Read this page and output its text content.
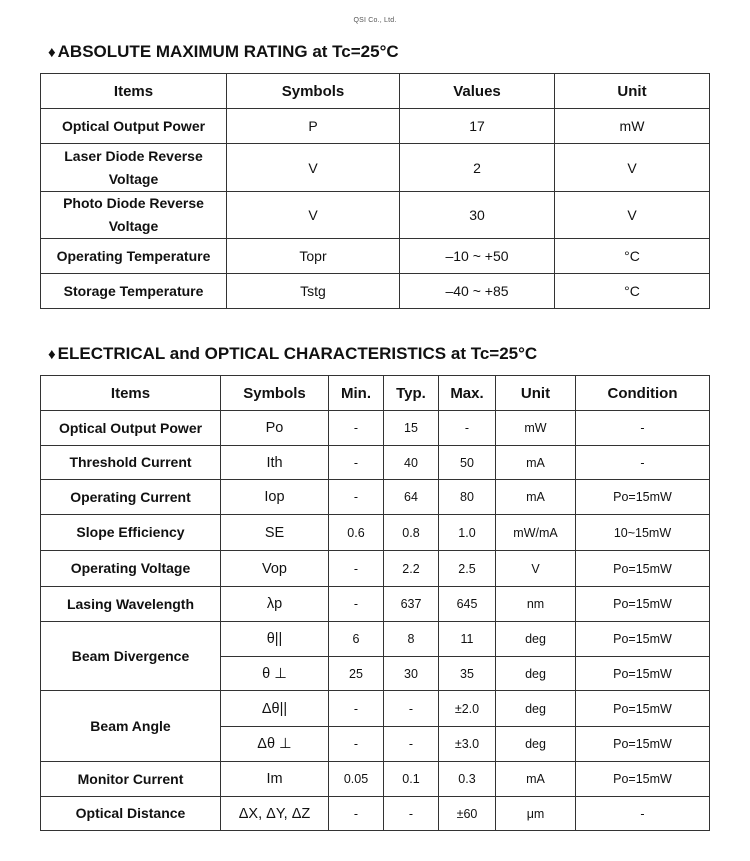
QSI Co., Ltd.
♦ ABSOLUTE MAXIMUM RATING at Tc=25°C
Items	Symbols	Values	Unit
Optical Output Power	P	17	mW
Laser Diode Reverse Voltage	V	2	V
Photo Diode Reverse Voltage	V	30	V
Operating Temperature	Topr	–10 ~ +50	°C
Storage Temperature	Tstg	–40 ~ +85	°C
♦ ELECTRICAL and OPTICAL CHARACTERISTICS at Tc=25°C
Items	Symbols	Min.	Typ.	Max.	Unit	Condition
Optical Output Power	Po	-	15	-	mW	-
Threshold Current	Ith	-	40	50	mA	-
Operating Current	Iop	-	64	80	mA	Po=15mW
Slope Efficiency	SE	0.6	0.8	1.0	mW/mA	10~15mW
Operating Voltage	Vop	-	2.2	2.5	V	Po=15mW
Lasing Wavelength	λp	-	637	645	nm	Po=15mW
Beam Divergence	θ||	6	8	11	deg	Po=15mW
	θ ⊥	25	30	35	deg	Po=15mW
Beam Angle	Δθ||	-	-	±2.0	deg	Po=15mW
	Δθ ⊥	-	-	±3.0	deg	Po=15mW
Monitor Current	Im	0.05	0.1	0.3	mA	Po=15mW
Optical Distance	ΔX, ΔY, ΔZ	-	-	±60	μm	-
